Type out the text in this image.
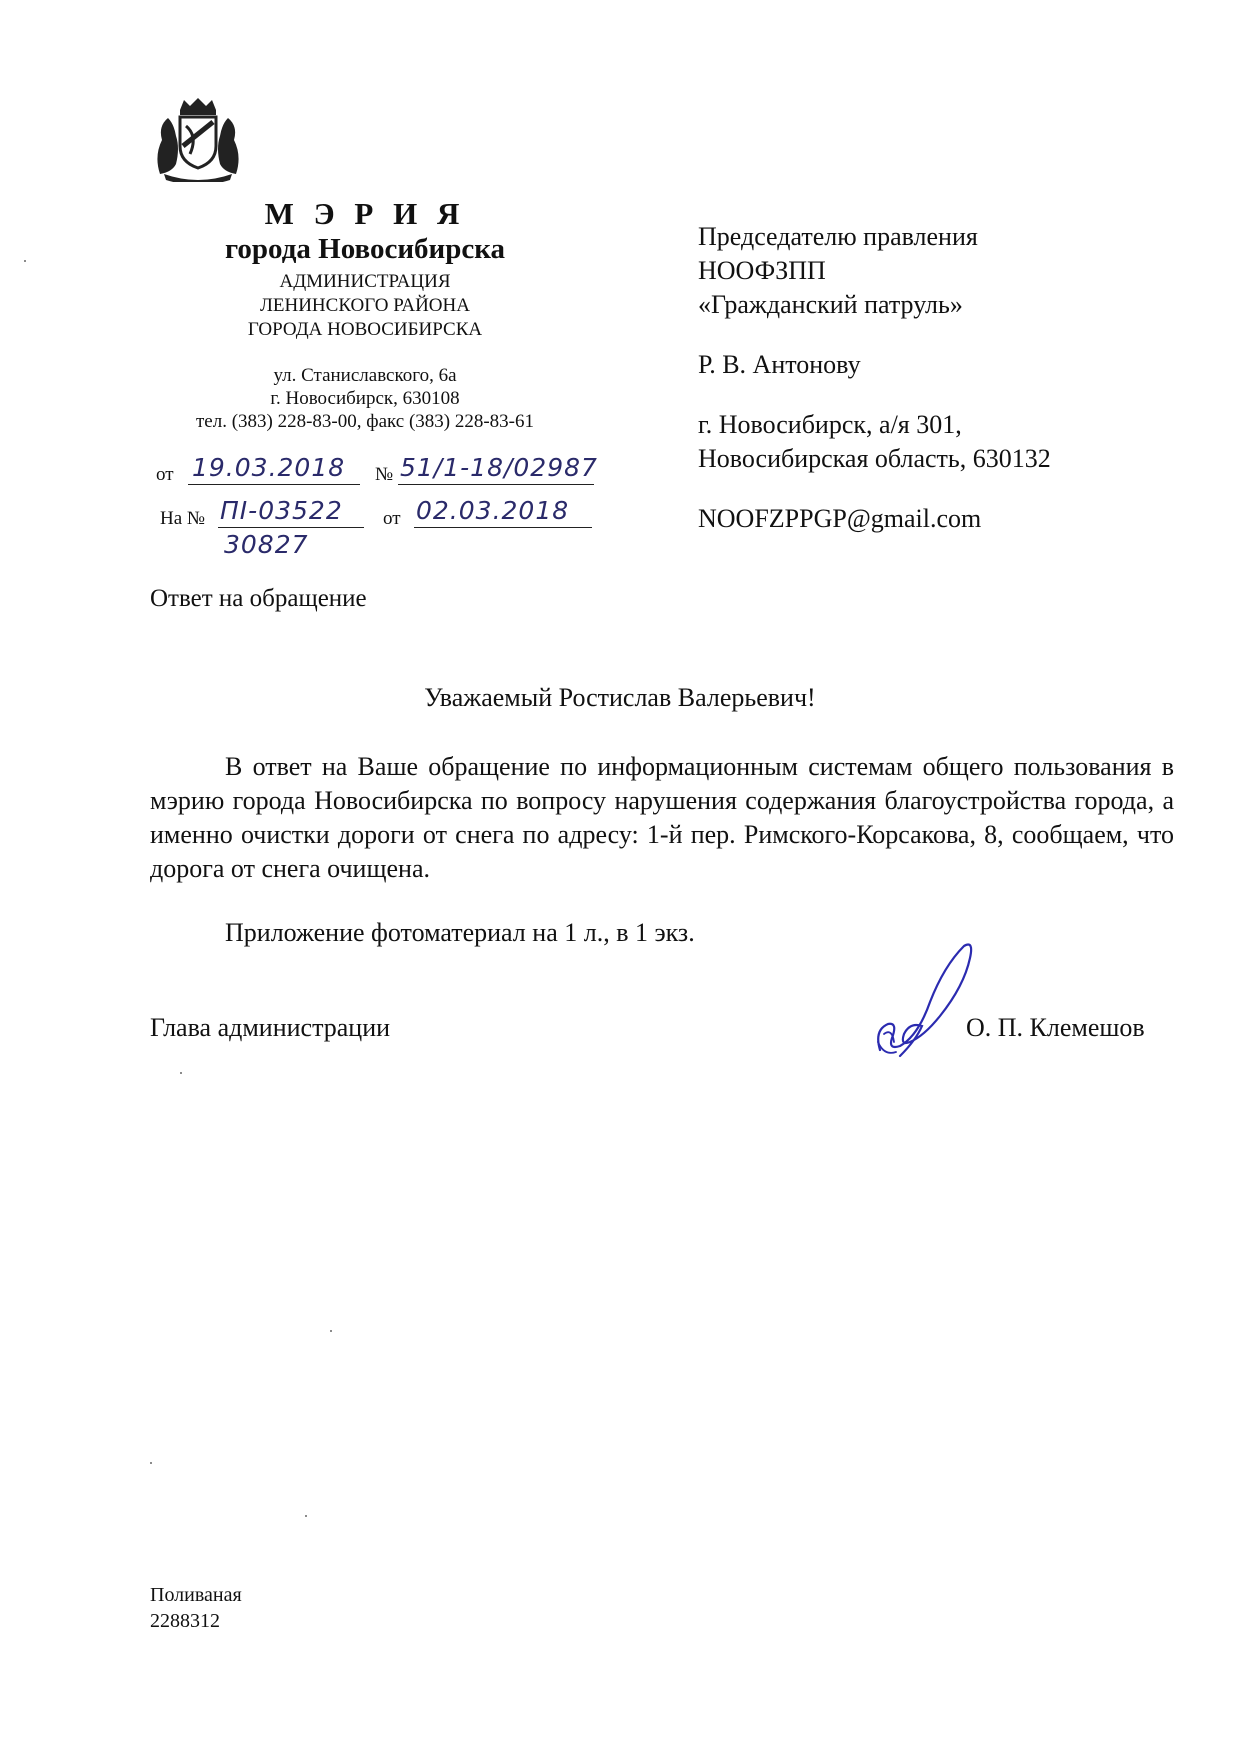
М Э Р И Я
города Новосибирска
АДМИНИСТРАЦИЯ
ЛЕНИНСКОГО РАЙОНА
ГОРОДА НОВОСИБИРСКА
ул. Станиславского, 6а
г. Новосибирск, 630108
тел. (383) 228-83-00, факс (383) 228-83-61
от 19.03.2018 № 51/1-18/02987
На № ПI-03522 от 02.03.2018
30827
Председателю правления
НООФЗПП
«Гражданский патруль»
Р. В. Антонову
г. Новосибирск, а/я 301,
Новосибирская область, 630132
NOOFZPPGP@gmail.com
Ответ на обращение
Уважаемый Ростислав Валерьевич!
В ответ на Ваше обращение по информационным системам общего пользования в мэрию города Новосибирска по вопросу нарушения содержания благоустройства города, а именно очистки дороги от снега по адресу: 1-й пер. Римского-Корсакова, 8, сообщаем, что дорога от снега очищена.
Приложение фотоматериал на 1 л., в 1 экз.
Глава администрации	О. П. Клемешов
Поливаная
2288312
